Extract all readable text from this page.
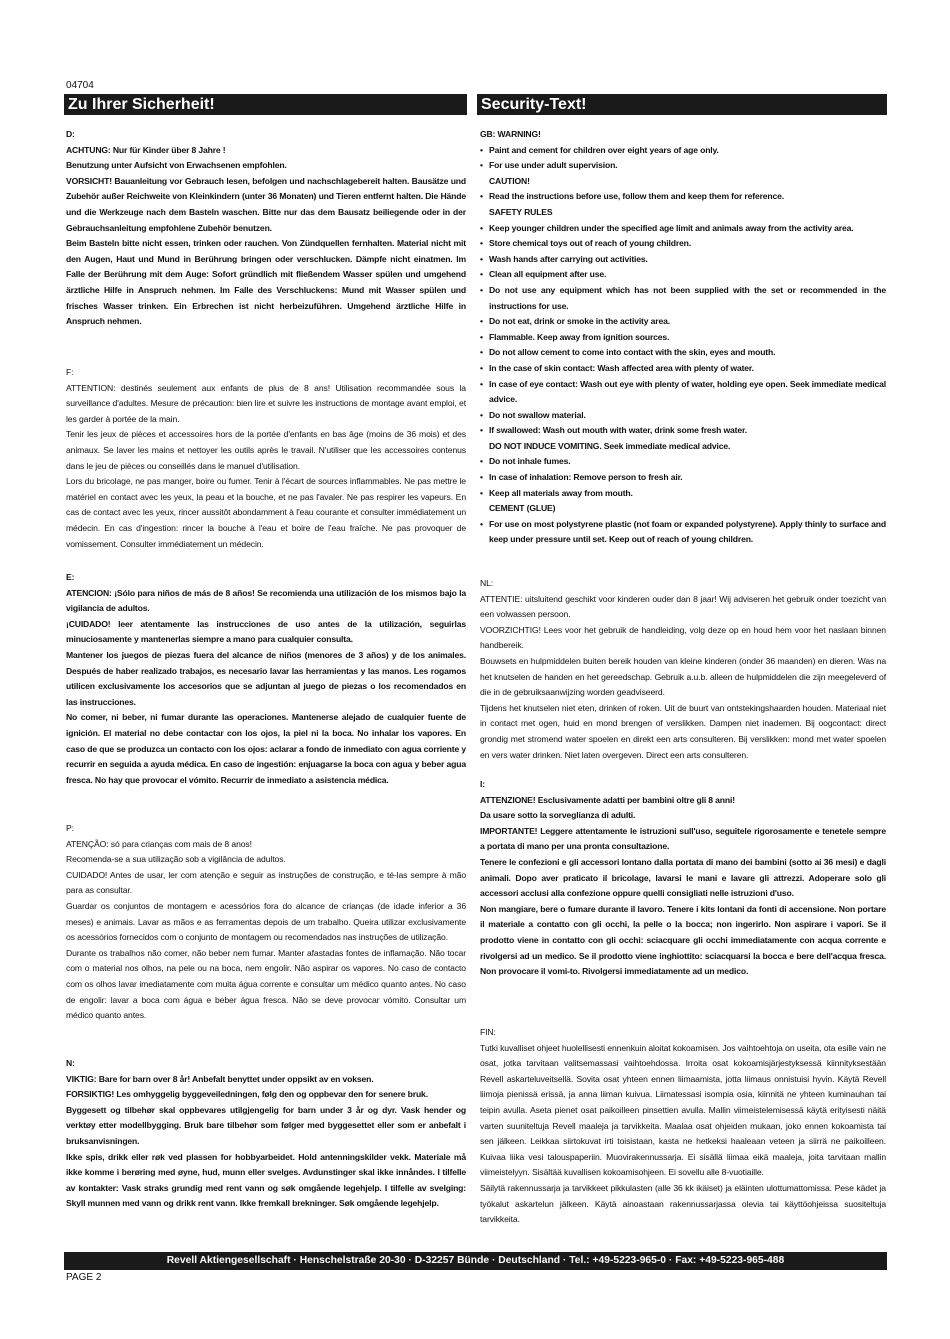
04704
Zu Ihrer Sicherheit!	Security-Text!
D:
ACHTUNG: Nur für Kinder über 8 Jahre !
Benutzung unter Aufsicht von Erwachsenen empfohlen.
VORSICHT! Bauanleitung vor Gebrauch lesen, befolgen und nachschlagebereit halten. Bausätze und Zubehör außer Reichweite von Kleinkindern (unter 36 Monaten) und Tieren entfernt halten. Die Hände und die Werkzeuge nach dem Basteln waschen. Bitte nur das dem Bausatz beiliegende oder in der Gebrauchsanleitung empfohlene Zubehör benutzen.
Beim Basteln bitte nicht essen, trinken oder rauchen. Von Zündquellen fernhalten. Material nicht mit den Augen, Haut und Mund in Berührung bringen oder verschlucken. Dämpfe nicht einatmen. Im Falle der Berührung mit dem Auge: Sofort gründlich mit fließendem Wasser spülen und umgehend ärztliche Hilfe in Anspruch nehmen. Im Falle des Verschluckens: Mund mit Wasser spülen und frisches Wasser trinken. Ein Erbrechen ist nicht herbeizuführen. Umgehend ärztliche Hilfe in Anspruch nehmen.
F:
ATTENTION: destinés seulement aux enfants de plus de 8 ans! Utilisation recommandée sous la surveillance d'adultes. Mesure de précaution: bien lire et suivre les instructions de montage avant emploi, et les garder à portée de la main.
Tenir les jeux de pièces et accessoires hors de la portée d'enfants en bas âge (moins de 36 mois) et des animaux. Se laver les mains et nettoyer les outils après le travail. N'utiliser que les accessoires contenus dans le jeu de pièces ou conseillés dans le manuel d'utilisation.
Lors du bricolage, ne pas manger, boire ou fumer. Tenir à l'écart de sources inflammables. Ne pas mettre le matériel en contact avec les yeux, la peau et la bouche, et ne pas l'avaler. Ne pas respirer les vapeurs. En cas de contact avec les yeux, rincer aussitôt abondamment à l'eau courante et consulter immédiatement un médecin. En cas d'ingestion: rincer la bouche à l'eau et boire de l'eau fraîche. Ne pas provoquer de vomissement. Consulter immédiatement un médecin.
E:
ATENCION: ¡Sólo para niños de más de 8 años! Se recomienda una utilización de los mismos bajo la vigilancia de adultos.
¡CUIDADO! leer atentamente las instrucciones de uso antes de la utilización, seguirlas minuciosamente y mantenerlas siempre a mano para cualquier consulta.
Mantener los juegos de piezas fuera del alcance de niños (menores de 3 años) y de los animales. Después de haber realizado trabajos, es necesario lavar las herramientas y las manos. Les rogamos utilicen exclusivamente los accesorios que se adjuntan al juego de piezas o los recomendados en las instrucciones.
No comer, ni beber, ni fumar durante las operaciones. Mantenerse alejado de cualquier fuente de ignición. El material no debe contactar con los ojos, la piel ni la boca. No inhalar los vapores. En caso de que se produzca un contacto con los ojos: aclarar a fondo de inmediato con agua corriente y recurrir en seguida a ayuda médica. En caso de ingestión: enjuagarse la boca con agua y beber agua fresca. No hay que provocar el vómito. Recurrir de inmediato a asistencia médica.
P:
ATENÇÃO: só para crianças com mais de 8 anos!
Recomenda-se a sua utilização sob a vigilância de adultos.
CUIDADO! Antes de usar, ler com atenção e seguir as instruções de construção, e té-las sempre à mão para as consultar.
Guardar os conjuntos de montagem e acessórios fora do alcance de crianças (de idade inferior a 36 meses) e animais. Lavar as mãos e as ferramentas depois de um trabalho. Queira utilizar exclusivamente os acessórios fornecidos com o conjunto de montagem ou recomendados nas instruções de utilização.
Durante os trabalhos não comer, não beber nem fumar. Manter afastadas fontes de inflamação. Não tocar com o material nos olhos, na pele ou na boca, nem engolir. Não aspirar os vapores. No caso de contacto com os olhos lavar imediatamente com muita água corrente e consultar um médico quanto antes. No caso de engolir: lavar a boca com água e beber água fresca. Não se deve provocar vómito. Consultar um médico quanto antes.
N:
VIKTIG: Bare for barn over 8 år! Anbefalt benyttet under oppsikt av en voksen.
FORSIKTIG! Les omhyggelig byggeveiledningen, følg den og oppbevar den for senere bruk.
Byggesett og tilbehør skal oppbevares utilgjengelig for barn under 3 år og dyr. Vask hender og verktøy etter modellbygging. Bruk bare tilbehør som følger med byggesettet eller som er anbefalt i bruksanvisningen.
Ikke spis, drikk eller røk ved plassen for hobbyarbeidet. Hold antenningskilder vekk. Materiale må ikke komme i berøring med øyne, hud, munn eller svelges. Avdunstinger skal ikke innåndes. I tilfelle av kontakter: Vask straks grundig med rent vann og søk omgående legehjelp. I tilfelle av svelging: Skyll munnen med vann og drikk rent vann. Ikke fremkall brekninger. Søk omgående legehjelp.
GB: WARNING!
• Paint and cement for children over eight years of age only.
• For use under adult supervision.
CAUTION!
• Read the instructions before use, follow them and keep them for reference.
SAFETY RULES
• Keep younger children under the specified age limit and animals away from the activity area.
• Store chemical toys out of reach of young children.
• Wash hands after carrying out activities.
• Clean all equipment after use.
• Do not use any equipment which has not been supplied with the set or recommended in the instructions for use.
• Do not eat, drink or smoke in the activity area.
• Flammable. Keep away from ignition sources.
• Do not allow cement to come into contact with the skin, eyes and mouth.
• In the case of skin contact: Wash affected area with plenty of water.
• In case of eye contact: Wash out eye with plenty of water, holding eye open. Seek immediate medical advice.
• Do not swallow material.
• If swallowed: Wash out mouth with water, drink some fresh water.
DO NOT INDUCE VOMITING. Seek immediate medical advice.
• Do not inhale fumes.
• In case of inhalation: Remove person to fresh air.
• Keep all materials away from mouth.
CEMENT (GLUE)
• For use on most polystyrene plastic (not foam or expanded polystyrene). Apply thinly to surface and keep under pressure until set. Keep out of reach of young children.
NL:
ATTENTIE: uitsluitend geschikt voor kinderen ouder dan 8 jaar! Wij adviseren het gebruik onder toezicht van een volwassen persoon.
VOORZICHTIG! Lees voor het gebruik de handleiding, volg deze op en houd hem voor het naslaan binnen handbereik.
Bouwsets en hulpmiddelen buiten bereik houden van kleine kinderen (onder 36 maanden) en dieren. Was na het knutselen de handen en het gereedschap. Gebruik a.u.b. alleen de hulpmiddelen die zijn meegeleverd of die in de gebruiksaanwijzing worden geadviseerd.
Tijdens het knutselen niet eten, drinken of roken. Uit de buurt van ontstekingshaarden houden. Materiaal niet in contact met ogen, huid en mond brengen of verslikken. Dampen niet inademen. Bij oogcontact: direct grondig met stromend water spoelen en direkt een arts consulteren. Bij verslikken: mond met water spoelen en vers water drinken. Niet laten overgeven. Direct een arts consulteren.
I:
ATTENZIONE! Esclusivamente adatti per bambini oltre gli 8 anni!
Da usare sotto la sorveglianza di adulti.
IMPORTANTE! Leggere attentamente le istruzioni sull'uso, seguitele rigorosamente e tenetele sempre a portata di mano per una pronta consultazione.
Tenere le confezioni e gli accessori lontano dalla portata di mano dei bambini (sotto ai 36 mesi) e dagli animali. Dopo aver praticato il bricolage, lavarsi le mani e lavare gli attrezzi. Adoperare solo gli accessori acclusi alla confezione oppure quelli consigliati nelle istruzioni d'uso.
Non mangiare, bere o fumare durante il lavoro. Tenere i kits lontani da fonti di accensione. Non portare il materiale a contatto con gli occhi, la pelle o la bocca; non ingerirlo. Non aspirare i vapori. Se il prodotto viene in contatto con gli occhi: sciacquare gli occhi immediatamente con acqua corrente e rivolgersi ad un medico. Se il prodotto viene inghiottito: sciacquarsi la bocca e bere dell'acqua fresca. Non provocare il vomi-to. Rivolgersi immediatamente ad un medico.
FIN:
Tutki kuvalliset ohjeet huolellisesti ennenkuin aloitat kokoamisen. Jos vaihtoehtoja on useita, ota esille vain ne osat, jotka tarvitaan valitsemassasi vaihtoehdossa. Irroita osat kokoamisjärjestyksessä kiinnityksestään Revell askarteluveitsellä. Sovita osat yhteen ennen liimaamista, jotta liimaus onnistuisi hyvin. Käytä Revell liimoja pienissä erissä, ja anna liiman kuivua. Liimatessasi isompia osia, kiinnitä ne yhteen kuminauhan tai teipin avulla. Aseta pienet osat paikoilleen pinsettien avulla. Mallin viimeistelemisessä käytä erityisesti näitä varten suuniteltuja Revell maaleja ja tarvikkeita. Maalaa osat ohjeiden mukaan, joko ennen kokoamista tai sen jälkeen. Leikkaa siirtokuvat irti toisistaan, kasta ne hetkeksi haaleaan veteen ja siirrä ne paikoilleen. Kuivaa liika vesi talouspaperiin. Muovirakennussarja. Ei sisällä liimaa eikä maaleja, joita tarvitaan mallin viimeistelyyn. Sisältää kuvallisen kokoamisohjeen. Ei sovellu alle 8-vuotiaille.
Säilytä rakennussarja ja tarvikkeet pikkulasten (alle 36 kk ikäiset) ja eläinten ulottumattomissa. Pese kädet ja työkalut askartelun jälkeen. Käytä ainoastaan rakennussarjassa olevia tai käyttöohjeissa suositeltuja tarvikkeita.
Revell Aktiengesellschaft · Henschelstraße 20-30 · D-32257 Bünde · Deutschland · Tel.: +49-5223-965-0 · Fax: +49-5223-965-488
PAGE 2
